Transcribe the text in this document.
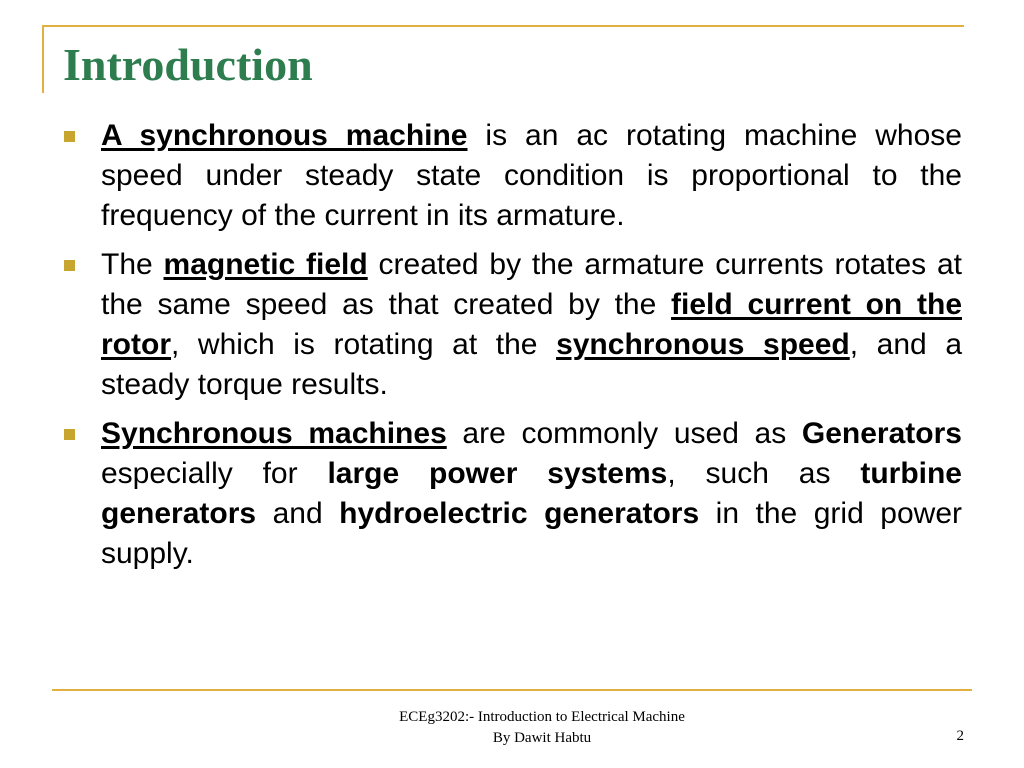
Introduction
A synchronous machine is an ac rotating machine whose speed under steady state condition is proportional to the frequency of the current in its armature.
The magnetic field created by the armature currents rotates at the same speed as that created by the field current on the rotor, which is rotating at the synchronous speed, and a steady torque results.
Synchronous machines are commonly used as Generators especially for large power systems, such as turbine generators and hydroelectric generators in the grid power supply.
ECEg3202:- Introduction to Electrical Machine
By Dawit Habtu	2
